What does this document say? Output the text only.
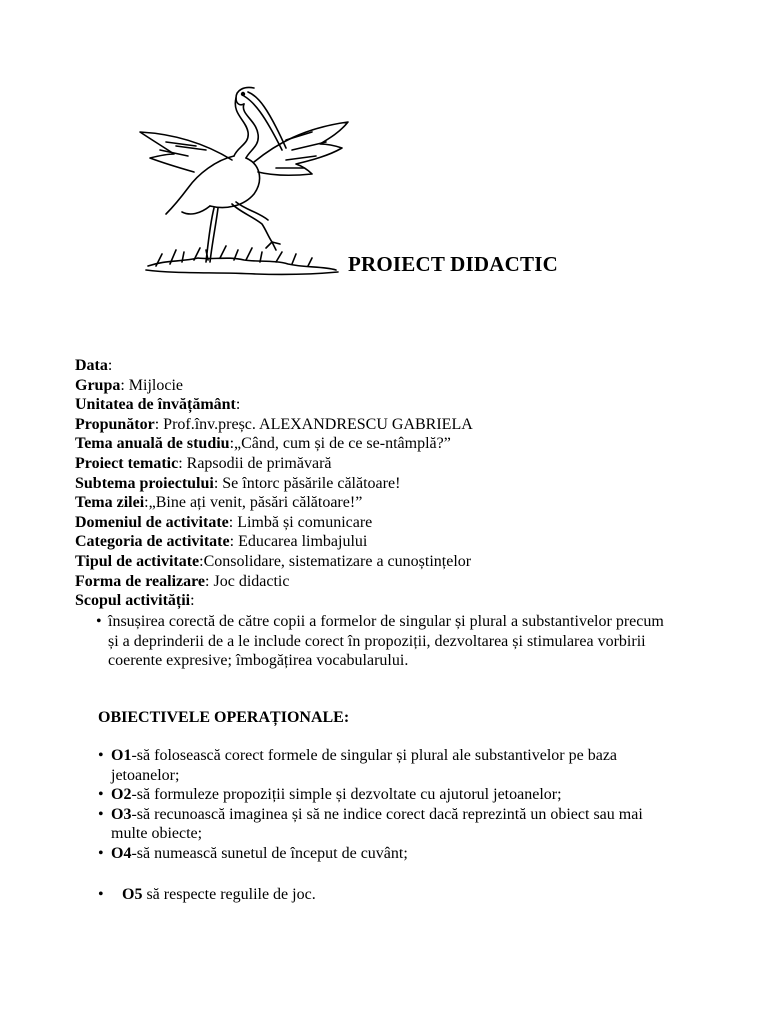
PROIECT DIDACTIC
Data:
Grupa: Mijlocie
Unitatea de învățământ:
Propunător: Prof.înv.preșc. ALEXANDRESCU GABRIELA
Tema anuală de studiu:„Când, cum și de ce se-ntâmplă?”
Proiect tematic: Rapsodii de primăvară
Subtema proiectului: Se întorc păsările călătoare!
Tema zilei:„Bine ați venit, păsări călătoare!”
Domeniul de activitate: Limbă și comunicare
Categoria de activitate: Educarea limbajului
Tipul de activitate:Consolidare, sistematizare a cunoștințelor
Forma de realizare: Joc didactic
Scopul activității:
• însușirea corectă de către copii a formelor de singular și plural a substantivelor precum și a deprinderii de a le include corect în propoziții, dezvoltarea și stimularea vorbirii coerente expresive; îmbogățirea vocabularului.
OBIECTIVELE OPERAȚIONALE:
• O1-să folosească corect formele de singular și plural ale substantivelor pe baza jetoanelor;
• O2-să formuleze propoziții simple și dezvoltate cu ajutorul jetoanelor;
• O3-să recunoască imaginea și să ne indice corect dacă reprezintă un obiect sau mai multe obiecte;
• O4-să numească sunetul de început de cuvânt;
• O5 să respecte regulile de joc.
